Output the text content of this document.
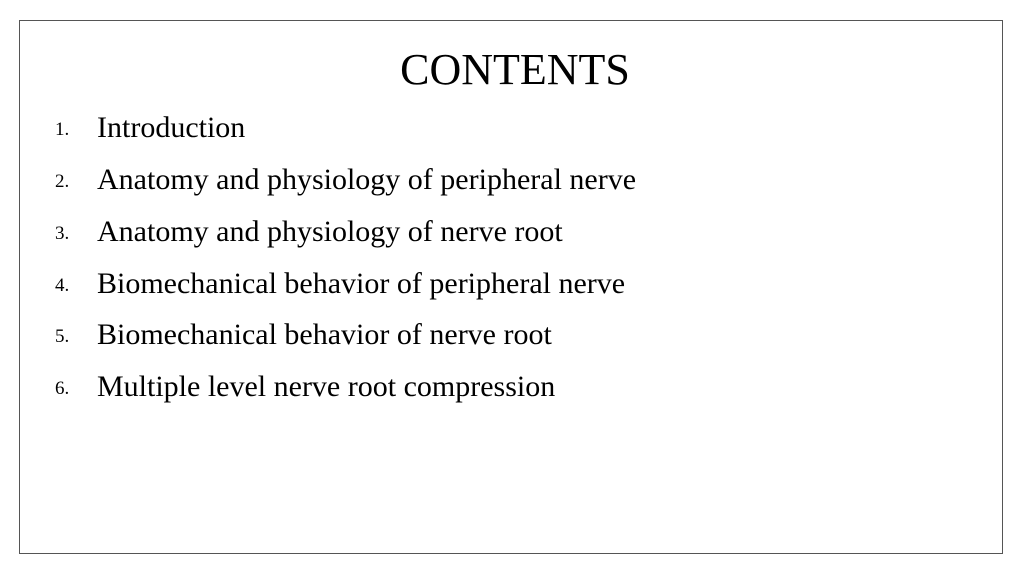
CONTENTS
1. Introduction
2. Anatomy and physiology of peripheral nerve
3. Anatomy and physiology of nerve root
4. Biomechanical behavior of peripheral nerve
5. Biomechanical behavior of nerve root
6. Multiple level nerve root compression
